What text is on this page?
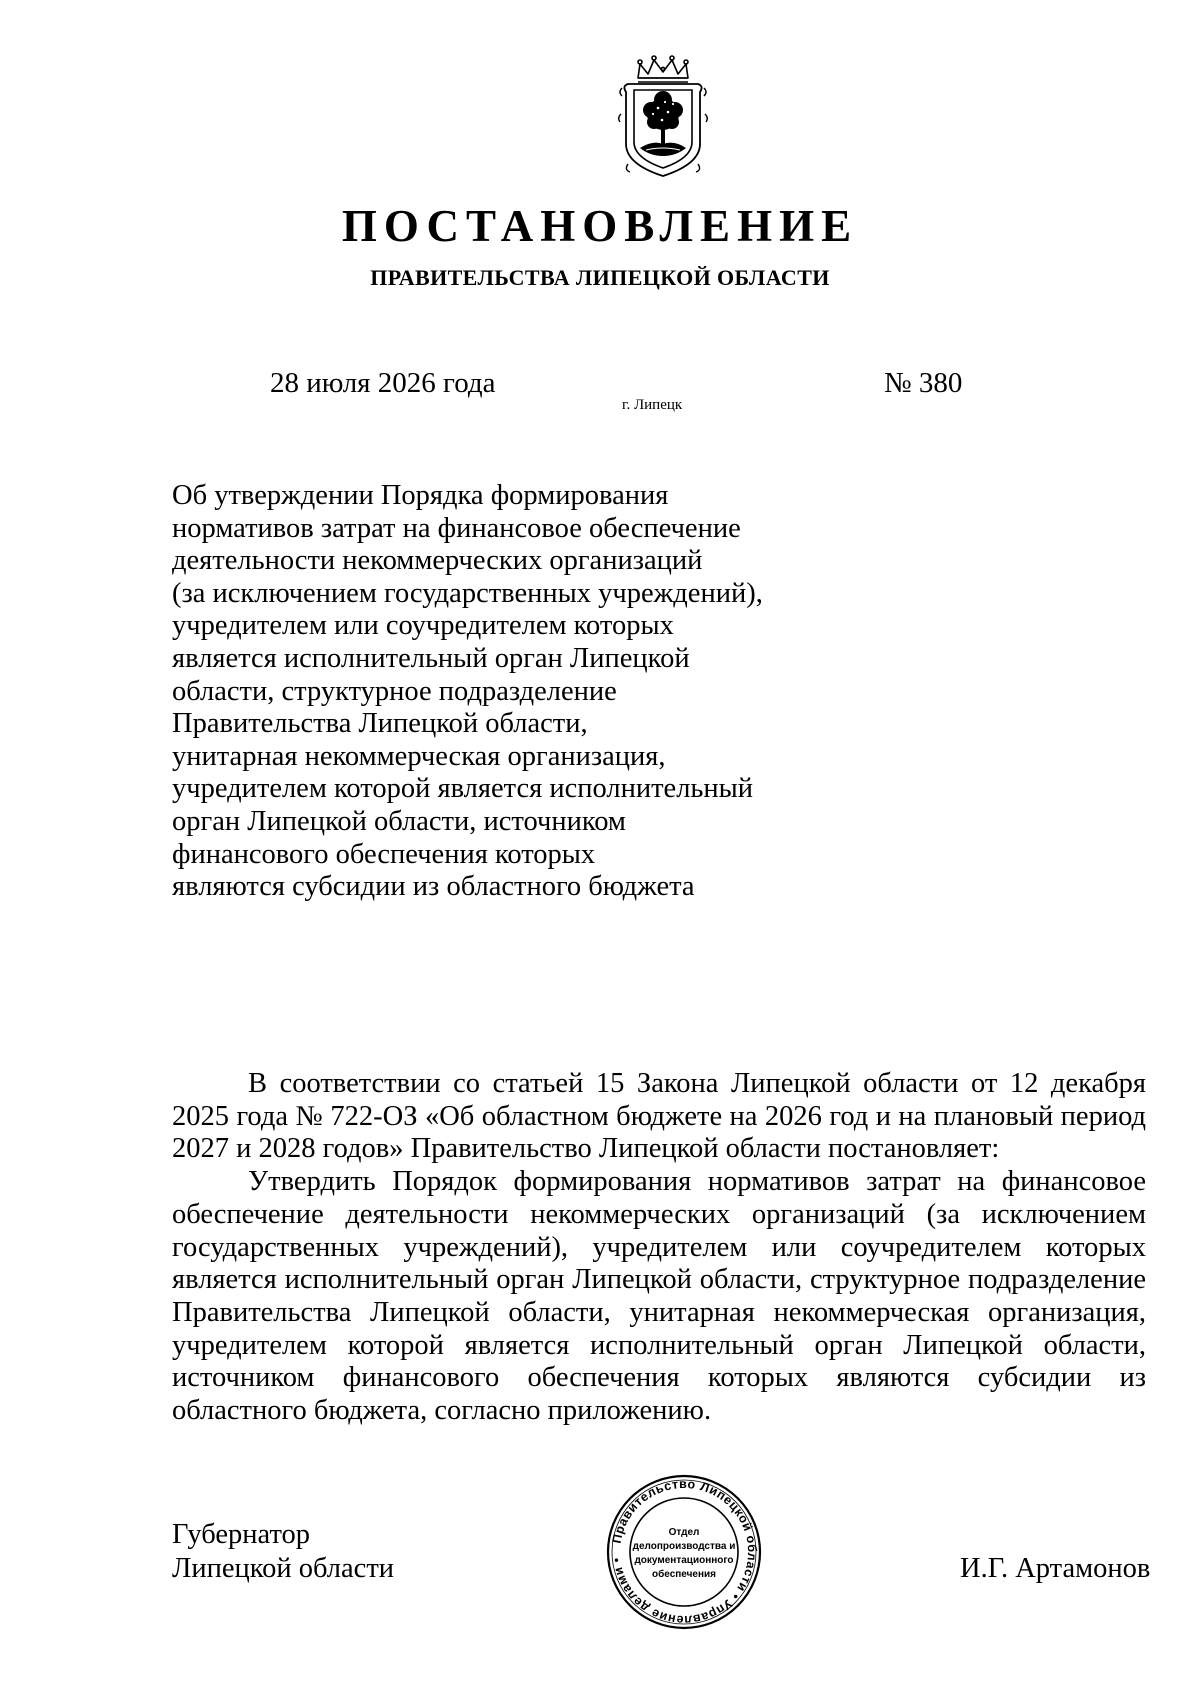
ПОСТАНОВЛЕНИЕ
ПРАВИТЕЛЬСТВА ЛИПЕЦКОЙ ОБЛАСТИ
28 июля 2026 года
г. Липецк
№ 380
Об утверждении Порядка формирования
нормативов затрат на финансовое обеспечение
деятельности некоммерческих организаций
(за исключением государственных учреждений),
учредителем или соучредителем которых
является исполнительный орган Липецкой
области, структурное подразделение
Правительства Липецкой области,
унитарная некоммерческая организация,
учредителем которой является исполнительный
орган Липецкой области, источником
финансового обеспечения которых
являются субсидии из областного бюджета

В соответствии со статьей 15 Закона Липецкой области от 12 декабря 2025 года № 722-ОЗ «Об областном бюджете на 2026 год и на плановый период 2027 и 2028 годов» Правительство Липецкой области постановляет:

Утвердить Порядок формирования нормативов затрат на финансовое обеспечение деятельности некоммерческих организаций (за исключением государственных учреждений), учредителем или соучредителем которых является исполнительный орган Липецкой области, структурное подразделение Правительства Липецкой области, унитарная некоммерческая организация, учредителем которой является исполнительный орган Липецкой области, источником финансового обеспечения которых являются субсидии из областного бюджета, согласно приложению.

Губернатор
Липецкой области
Правительство Липецкой области • Управление делами •
Отдел
делопроизводства и
документационного
обеспечения	И.Г. Артамонов
